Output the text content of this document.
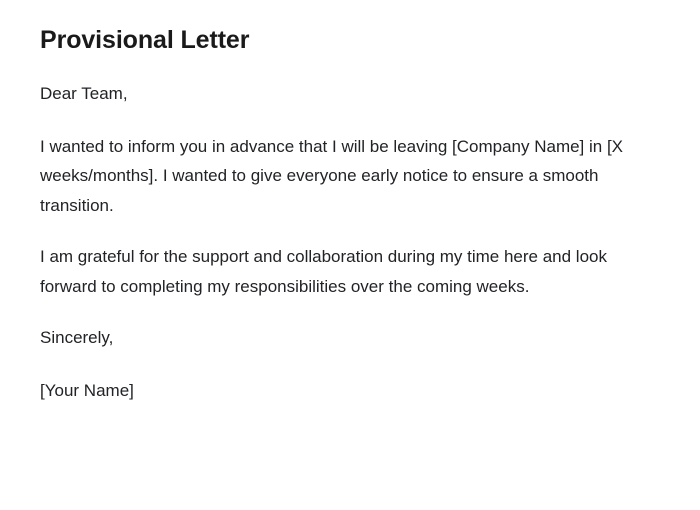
Provisional Letter

Dear Team,

I wanted to inform you in advance that I will be leaving [Company Name] in [X weeks/months]. I wanted to give everyone early notice to ensure a smooth transition.

I am grateful for the support and collaboration during my time here and look forward to completing my responsibilities over the coming weeks.

Sincerely,

[Your Name]
